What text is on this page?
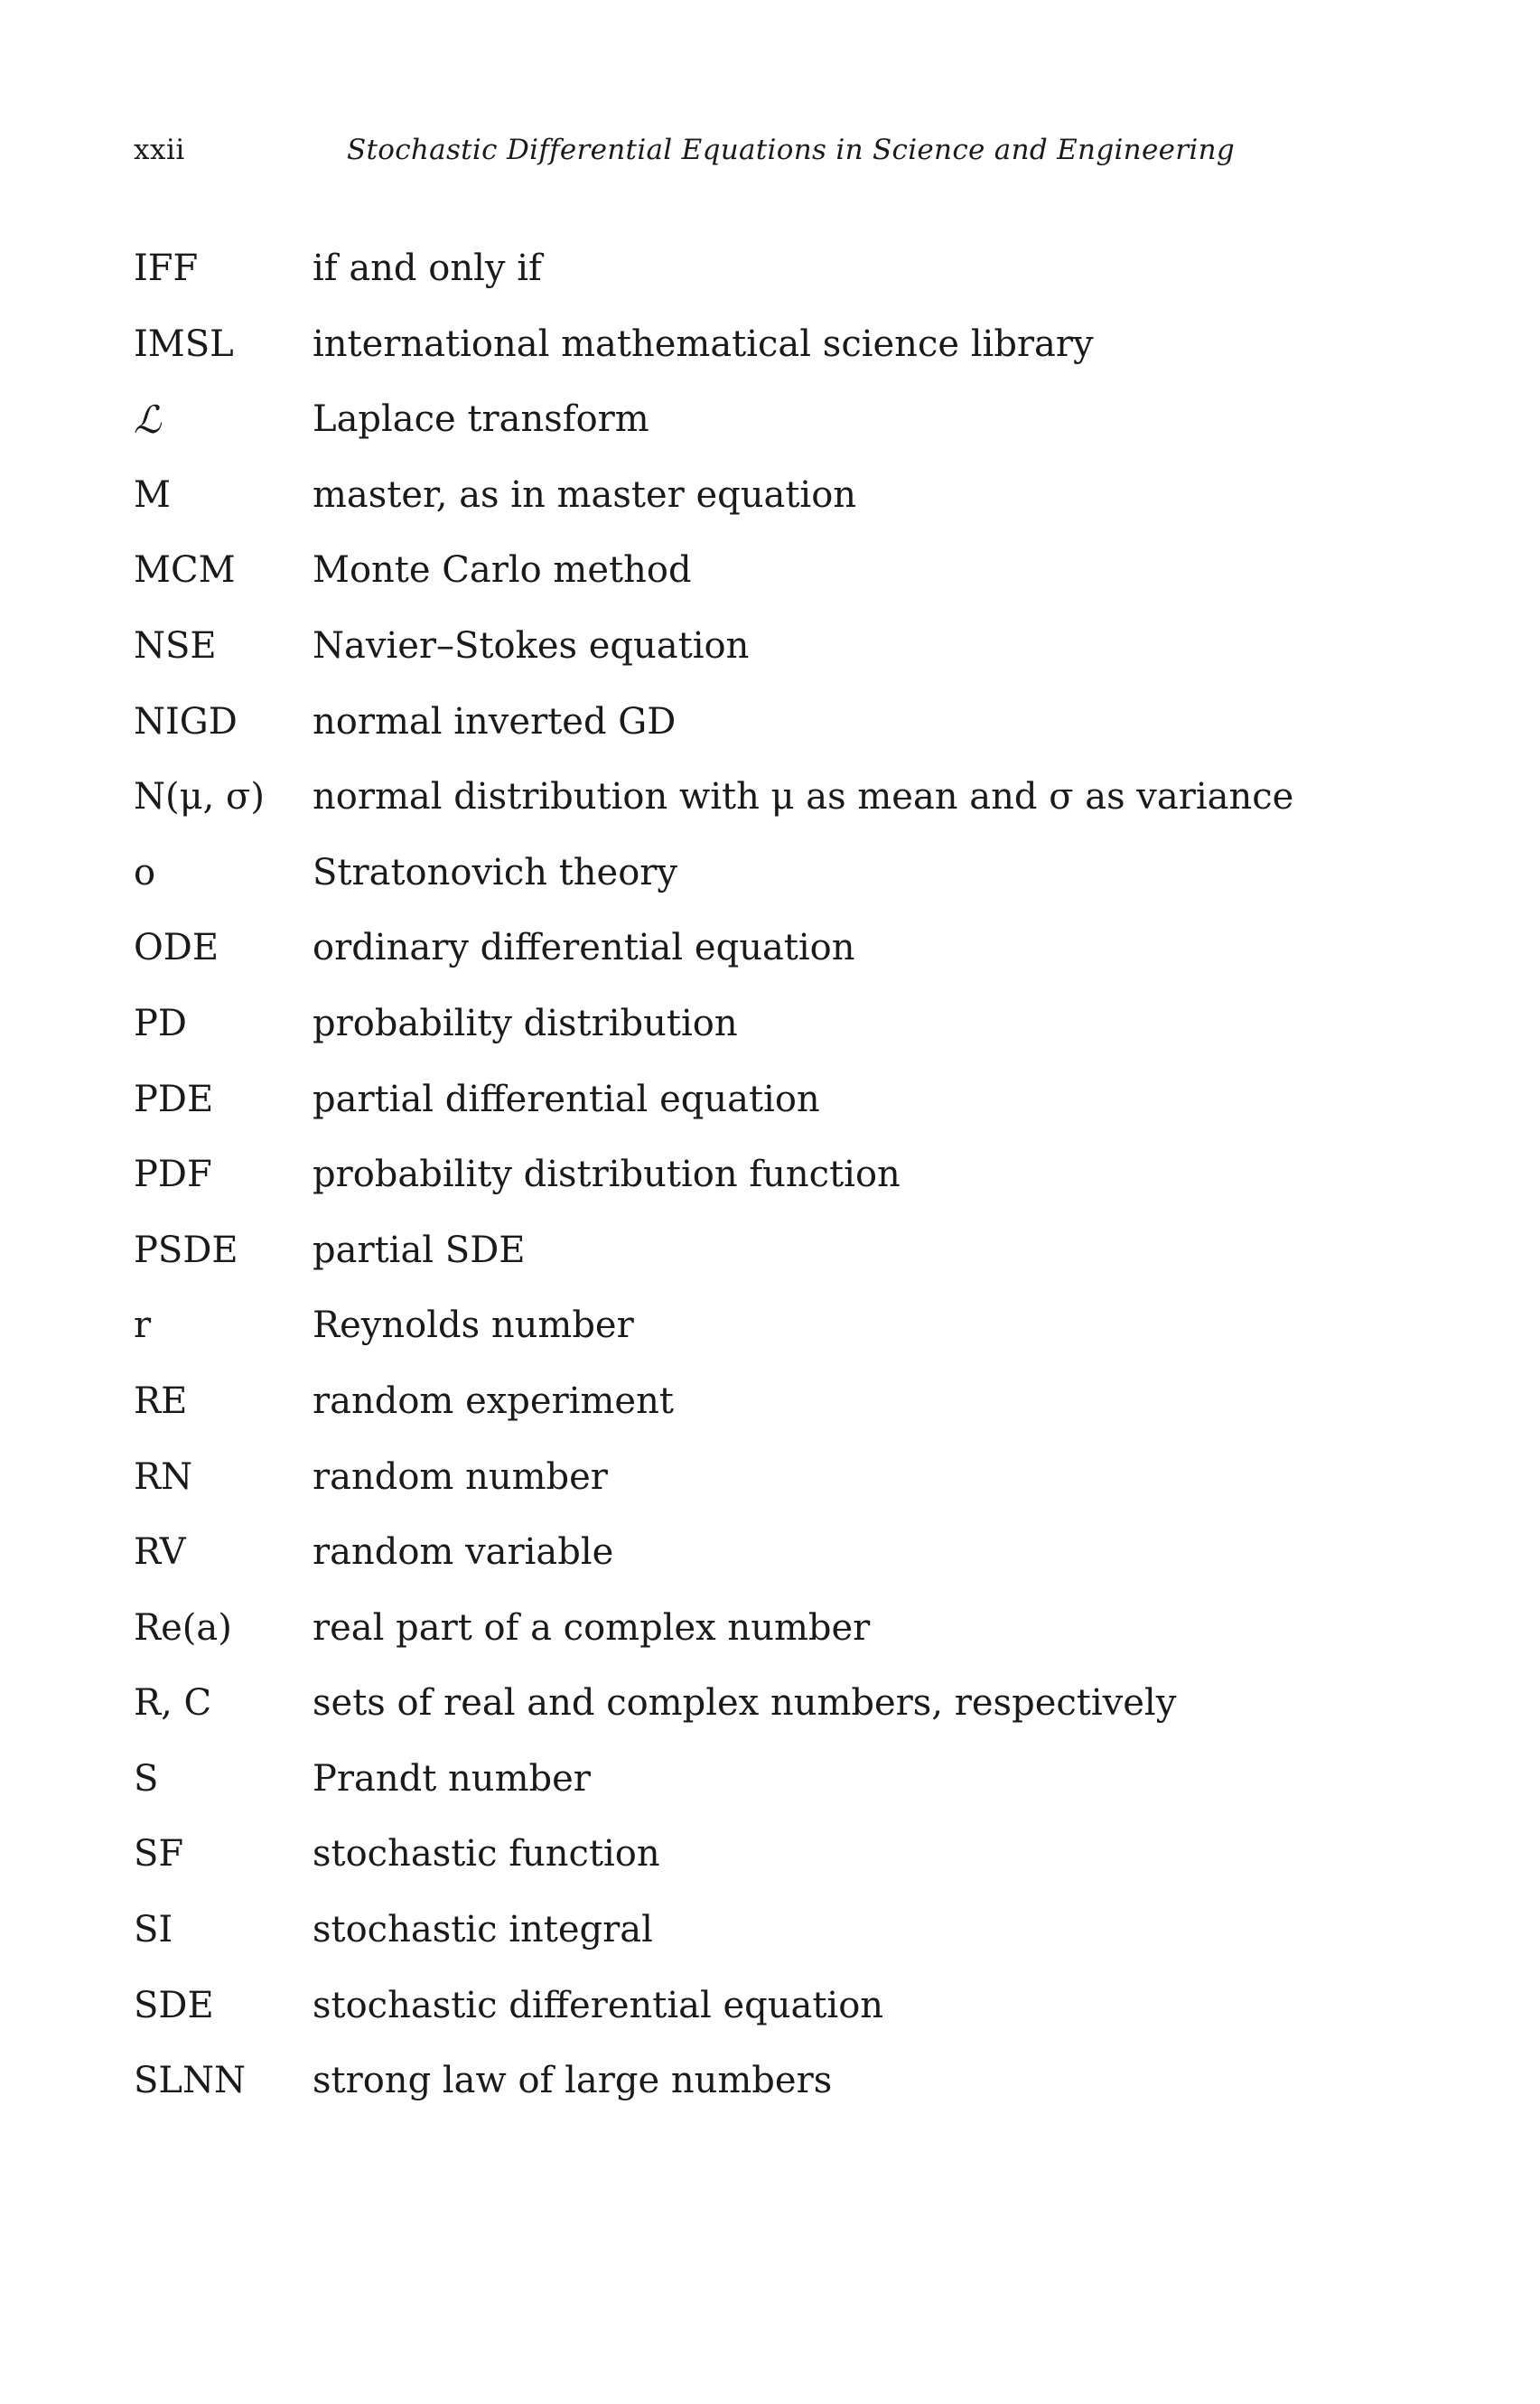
xxii	Stochastic Differential Equations in Science and Engineering
IFF	if and only if
IMSL	international mathematical science library
ℒ	Laplace transform
M	master, as in master equation
MCM	Monte Carlo method
NSE	Navier–Stokes equation
NIGD	normal inverted GD
N(μ, σ)	normal distribution with μ as mean and σ as variance
o	Stratonovich theory
ODE	ordinary differential equation
PD	probability distribution
PDE	partial differential equation
PDF	probability distribution function
PSDE	partial SDE
r	Reynolds number
RE	random experiment
RN	random number
RV	random variable
Re(a)	real part of a complex number
R, C	sets of real and complex numbers, respectively
S	Prandt number
SF	stochastic function
SI	stochastic integral
SDE	stochastic differential equation
SLNN	strong law of large numbers
